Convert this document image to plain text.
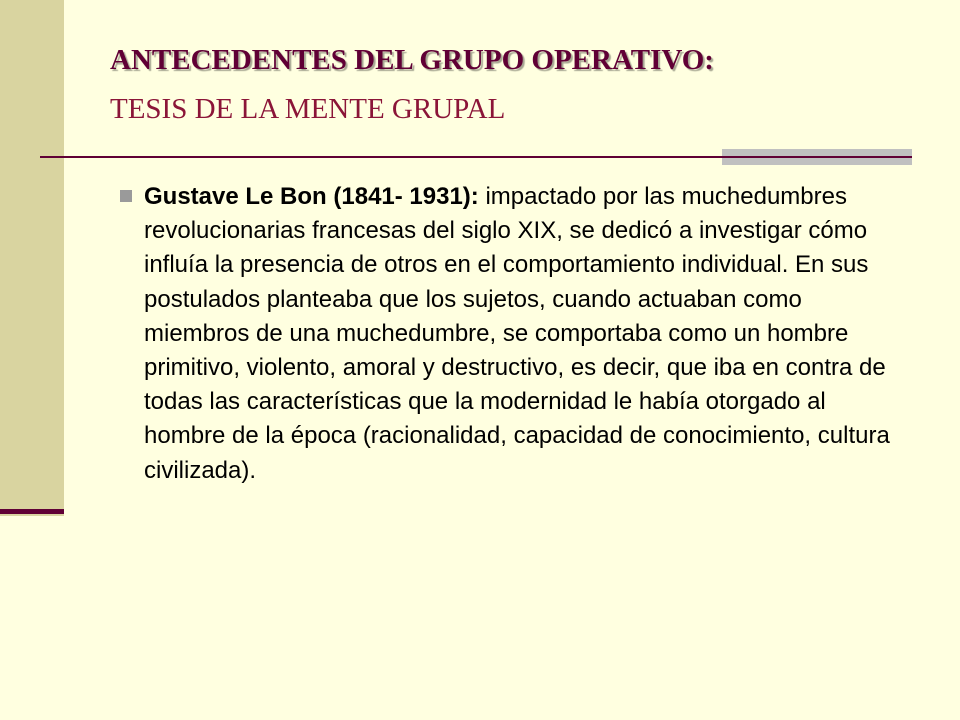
ANTECEDENTES DEL GRUPO OPERATIVO:
TESIS DE LA MENTE GRUPAL
Gustave Le Bon (1841- 1931): impactado por las muchedumbres revolucionarias francesas del siglo XIX, se dedicó a investigar cómo influía la presencia de otros en el comportamiento individual. En sus postulados planteaba que los sujetos, cuando actuaban como miembros de una muchedumbre, se comportaba como un hombre primitivo, violento, amoral y destructivo, es decir, que iba en contra de todas las características que la modernidad le había otorgado al hombre de la época (racionalidad, capacidad de conocimiento, cultura civilizada).
